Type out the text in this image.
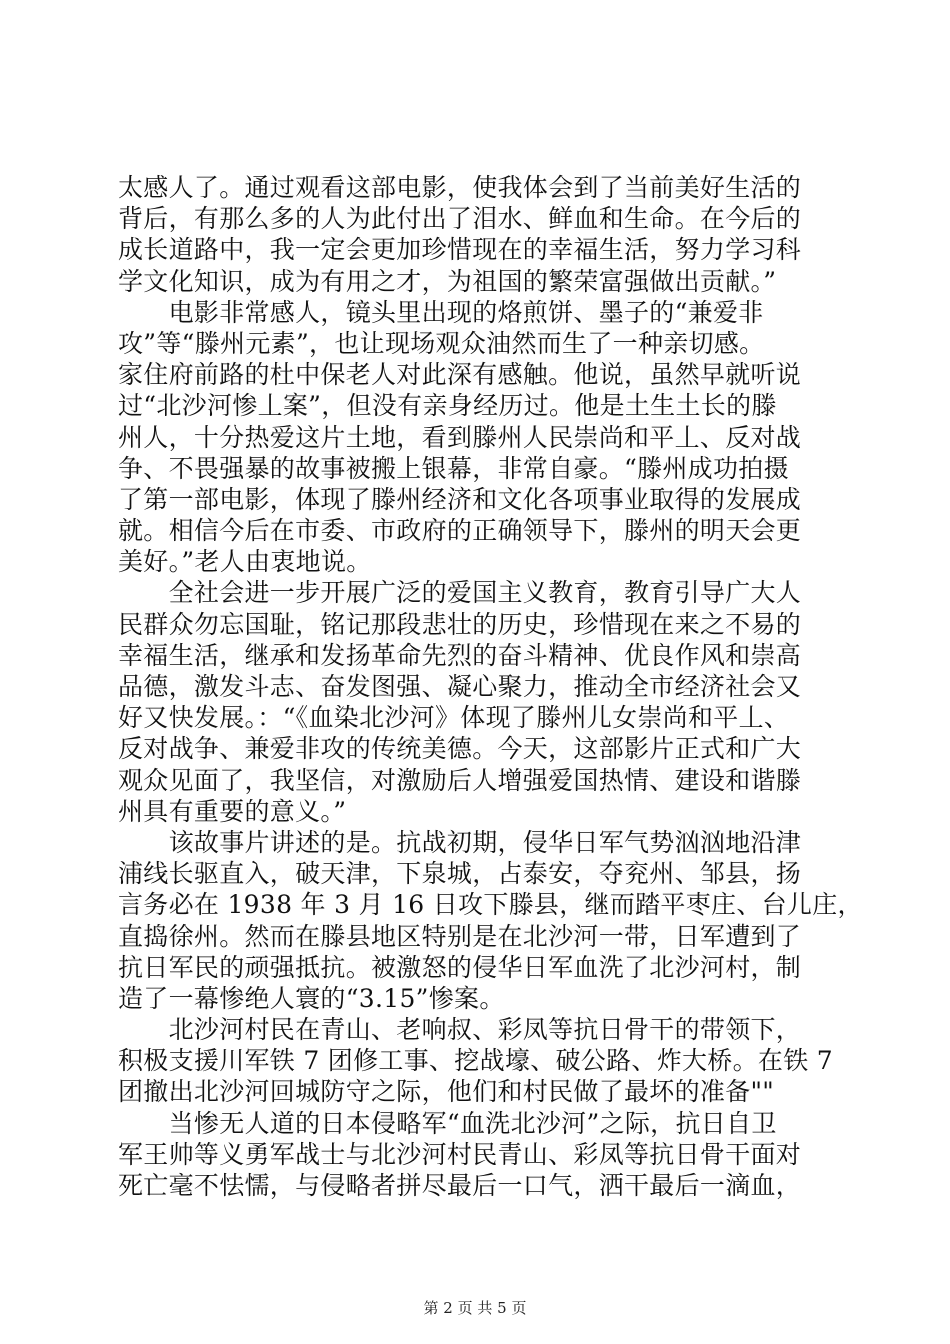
太感人了。通过观看这部电影，使我体会到了当前美好生活的
背后，有那么多的人为此付出了泪水、鲜血和生命。在今后的
成长道路中，我一定会更加珍惜现在的幸福生活，努力学习科
学文化知识，成为有用之才，为祖国的繁荣富强做出贡献。”
　　电影非常感人，镜头里出现的烙煎饼、墨子的“兼爱非
攻”等“滕州元素”，也让现场观众油然而生了一种亲切感。
家住府前路的杜中保老人对此深有感触。他说，虽然早就听说
过“北沙河惨丄案”，但没有亲身经历过。他是土生土长的滕
州人，十分热爱这片土地，看到滕州人民崇尚和平丄、反对战
争、不畏强暴的故事被搬上银幕，非常自豪。“滕州成功拍摄
了第一部电影，体现了滕州经济和文化各项事业取得的发展成
就。相信今后在市委、市政府的正确领导下，滕州的明天会更
美好。”老人由衷地说。
　　全社会进一步开展广泛的爱国主义教育，教育引导广大人
民群众勿忘国耻，铭记那段悲壮的历史，珍惜现在来之不易的
幸福生活，继承和发扬革命先烈的奋斗精神、优良作风和崇高
品德，激发斗志、奋发图强、凝心聚力，推动全市经济社会又
好又快发展。：“《血染北沙河》体现了滕州儿女崇尚和平丄、
反对战争、兼爱非攻的传统美德。今天，这部影片正式和广大
观众见面了，我坚信，对激励后人增强爱国热情、建设和谐滕
州具有重要的意义。”
　　该故事片讲述的是。抗战初期，侵华日军气势汹汹地沿津
浦线长驱直入，破天津，下泉城，占泰安，夺兖州、邹县，扬
言务必在 1938 年 3 月 16 日攻下滕县，继而踏平枣庄、台儿庄，
直捣徐州。然而在滕县地区特别是在北沙河一带，日军遭到了
抗日军民的顽强抵抗。被激怒的侵华日军血洗了北沙河村，制
造了一幕惨绝人寰的“3.15”惨案。
　　北沙河村民在青山、老响叔、彩凤等抗日骨干的带领下，
积极支援川军铁 7 团修工事、挖战壕、破公路、炸大桥。在铁 7
团撤出北沙河回城防守之际，他们和村民做了最坏的准备""
　　当惨无人道的日本侵略军“血洗北沙河”之际，抗日自卫
军王帅等义勇军战士与北沙河村民青山、彩凤等抗日骨干面对
死亡毫不怯懦，与侵略者拼尽最后一口气，洒干最后一滴血，
第 2 页 共 5 页
